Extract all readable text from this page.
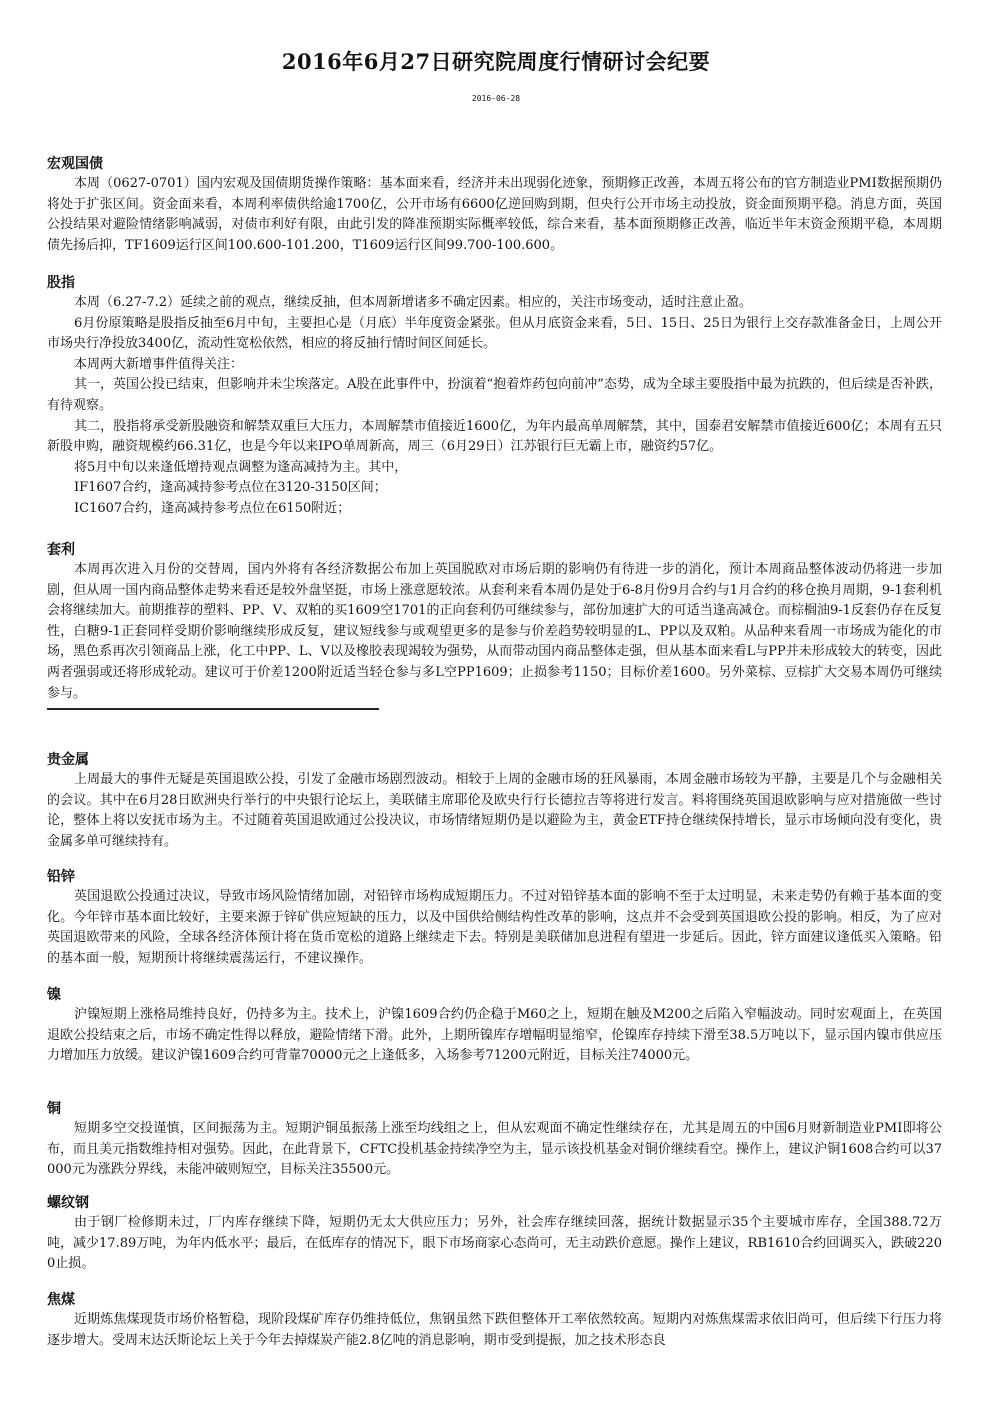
2016年6月27日研究院周度行情研讨会纪要
2016-06-28
宏观国债

本周（0627-0701）国内宏观及国债期货操作策略：基本面来看，经济并未出现弱化迹象，预期修正改善，本周五将公布的官方制造业PMI数据预期仍将处于扩张区间。资金面来看，本周利率债供给逾1700亿，公开市场有6600亿逆回购到期，但央行公开市场主动投放，资金面预期平稳。消息方面，英国公投结果对避险情绪影响减弱，对债市利好有限，由此引发的降准预期实际概率较低，综合来看，基本面预期修正改善，临近半年末资金预期平稳，本周期债先扬后抑，TF1609运行区间100.600-101.200，T1609运行区间99.700-100.600。

股指

本周（6.27-7.2）延续之前的观点，继续反抽，但本周新增诸多不确定因素。相应的，关注市场变动，适时注意止盈。

6月份原策略是股指反抽至6月中旬，主要担心是（月底）半年度资金紧张。但从月底资金来看，5日、15日、25日为银行上交存款准备金日，上周公开市场央行净投放3400亿，流动性宽松依然，相应的将反抽行情时间区间延长。

本周两大新增事件值得关注：

其一，英国公投已结束，但影响并未尘埃落定。A股在此事件中，扮演着“抱着炸药包向前冲”态势，成为全球主要股指中最为抗跌的，但后续是否补跌，有待观察。

其二，股指将承受新股融资和解禁双重巨大压力，本周解禁市值接近1600亿，为年内最高单周解禁，其中，国泰君安解禁市值接近600亿；本周有五只新股申购，融资规模约66.31亿，也是今年以来IPO单周新高，周三（6月29日）江苏银行巨无霸上市，融资约57亿。

将5月中旬以来逢低增持观点调整为逢高减持为主。其中，

IF1607合约，逢高减持参考点位在3120-3150区间；

IC1607合约，逢高减持参考点位在6150附近；

套利

本周再次进入月份的交替周，国内外将有各经济数据公布加上英国脱欧对市场后期的影响仍有待进一步的消化，预计本周商品整体波动仍将进一步加剧，但从周一国内商品整体走势来看还是较外盘坚挺，市场上涨意愿较浓。从套利来看本周仍是处于6-8月份9月合约与1月合约的移仓换月周期，9-1套利机会将继续加大。前期推荐的塑料、PP、V、双粕的买1609空1701的正向套利仍可继续参与，部份加速扩大的可适当逢高减仓。而棕榈油9-1反套仍存在反复性，白糖9-1正套同样受期价影响继续形成反复，建议短线参与或观望更多的是参与价差趋势较明显的L、PP以及双粕。从品种来看周一市场成为能化的市场，黑色系再次引领商品上涨，化工中PP、L、V以及橡胶表现竭较为强势，从而带动国内商品整体走强，但从基本面来看L与PP并未形成较大的转变，因此两者强弱或还将形成轮动。建议可于价差1200附近适当轻仓参与多L空PP1609；止损参考1150；目标价差1600。另外菜棕、豆棕扩大交易本周仍可继续参与。

贵金属

上周最大的事件无疑是英国退欧公投，引发了金融市场剧烈波动。相较于上周的金融市场的狂风暴雨，本周金融市场较为平静，主要是几个与金融相关的会议。其中在6月28日欧洲央行举行的中央银行论坛上，美联储主席耶伦及欧央行行长德拉吉等将进行发言。料将围绕英国退欧影响与应对措施做一些讨论，整体上将以安抚市场为主。不过随着英国退欧通过公投决议，市场情绪短期仍是以避险为主，黄金ETF持仓继续保持增长，显示市场倾向没有变化，贵金属多单可继续持有。

铅锌

英国退欧公投通过决议，导致市场风险情绪加剧，对铅锌市场构成短期压力。不过对铅锌基本面的影响不至于太过明显，未来走势仍有赖于基本面的变化。今年锌市基本面比较好，主要来源于锌矿供应短缺的压力，以及中国供给侧结构性改革的影响，这点并不会受到英国退欧公投的影响。相反，为了应对英国退欧带来的风险，全球各经济体预计将在货币宽松的道路上继续走下去。特别是美联储加息进程有望进一步延后。因此，锌方面建议逢低买入策略。铅的基本面一般，短期预计将继续震荡运行，不建议操作。

镍

沪镍短期上涨格局维持良好，仍持多为主。技术上，沪镍1609合约仍企稳于M60之上，短期在触及M200之后陷入窄幅波动。同时宏观面上，在英国退欧公投结束之后，市场不确定性得以释放，避险情绪下滑。此外，上期所镍库存增幅明显缩窄，伦镍库存持续下滑至38.5万吨以下，显示国内镍市供应压力增加压力放缓。建议沪镍1609合约可背靠70000元之上逢低多，入场参考71200元附近，目标关注74000元。

铜

短期多空交投谨慎，区间振荡为主。短期沪铜虽振荡上涨至均线组之上，但从宏观面不确定性继续存在，尤其是周五的中国6月财新制造业PMI即将公布，而且美元指数维持相对强势。因此，在此背景下，CFTC投机基金持续净空为主，显示该投机基金对铜价继续看空。操作上，建议沪铜1608合约可以37000元为涨跌分界线，未能冲破则短空，目标关注35500元。

螺纹钢

由于钢厂检修期未过，厂内库存继续下降，短期仍无太大供应压力；另外，社会库存继续回落，据统计数据显示35个主要城市库存，全国388.72万吨，减少17.89万吨，为年内低水平；最后，在低库存的情况下，眼下市场商家心态尚可，无主动跌价意愿。操作上建议，RB1610合约回调买入，跌破2200止损。

焦煤

近期炼焦煤现货市场价格暂稳，现阶段煤矿库存仍维持低位，焦钢虽然下跌但整体开工率依然较高。短期内对炼焦煤需求依旧尚可，但后续下行压力将逐步增大。受周末达沃斯论坛上关于今年去掉煤炭产能2.8亿吨的消息影响，期市受到提振，加之技术形态良
